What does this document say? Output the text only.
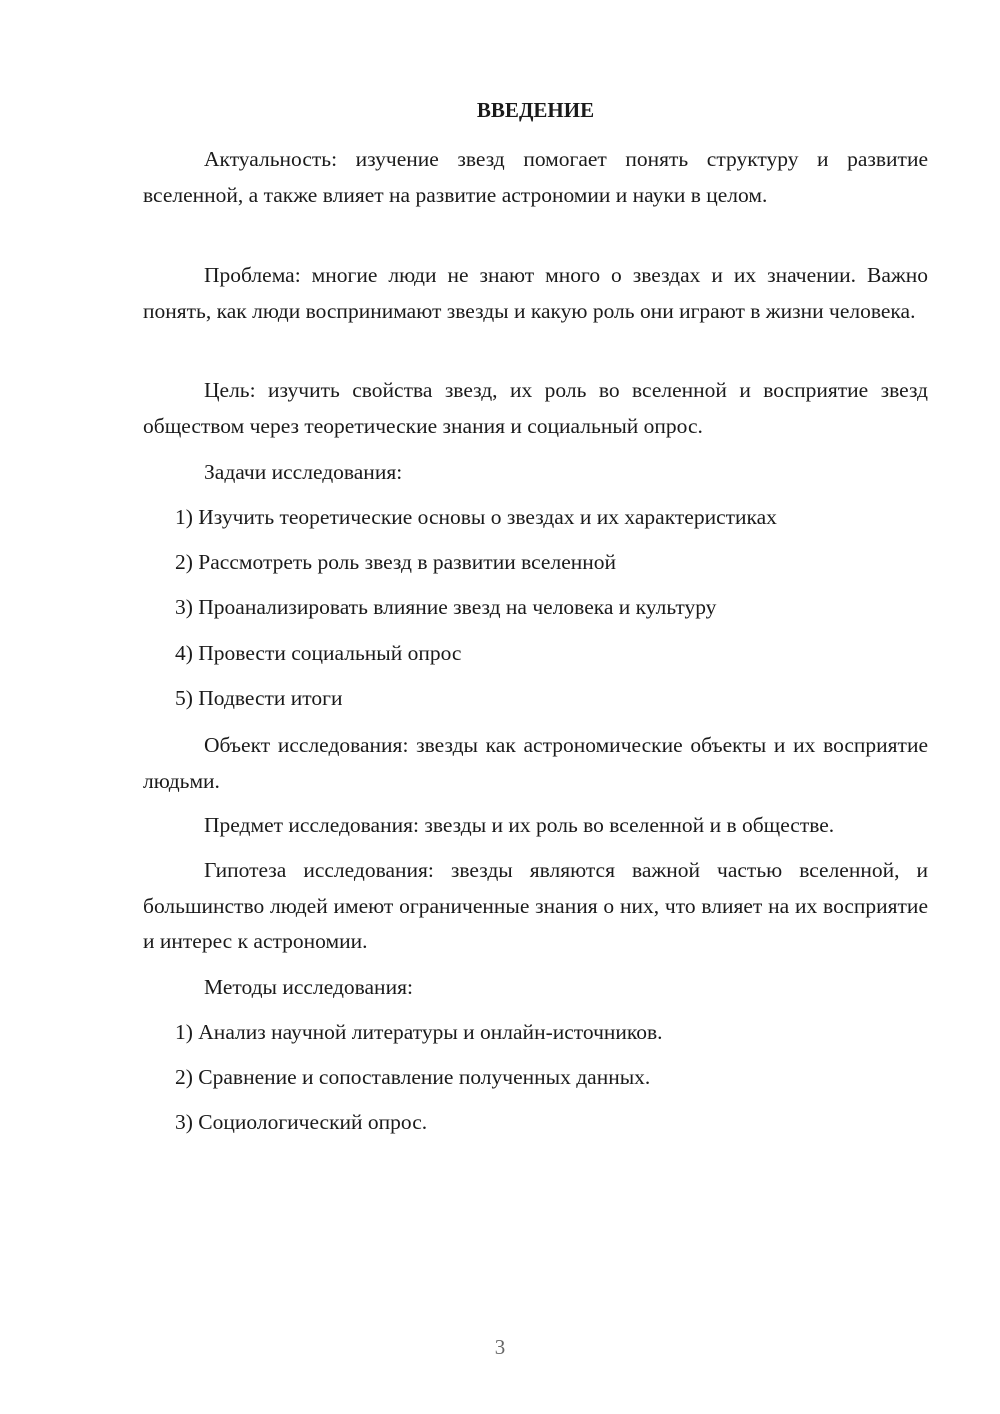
ВВЕДЕНИЕ

Актуальность: изучение звезд помогает понять структуру и развитие вселенной, а также влияет на развитие астрономии и науки в целом.

Проблема: многие люди не знают много о звездах и их значении. Важно понять, как люди воспринимают звезды и какую роль они играют в жизни человека.

Цель: изучить свойства звезд, их роль во вселенной и восприятие звезд обществом через теоретические знания и социальный опрос.

Задачи исследования:

1) Изучить теоретические основы о звездах и их характеристиках

2) Рассмотреть роль звезд в развитии вселенной

3) Проанализировать влияние звезд на человека и культуру

4) Провести социальный опрос

5) Подвести итоги

Объект исследования: звезды как астрономические объекты и их восприятие людьми.

Предмет исследования: звезды и их роль во вселенной и в обществе.

Гипотеза исследования: звезды являются важной частью вселенной, и большинство людей имеют ограниченные знания о них, что влияет на их восприятие и интерес к астрономии.

Методы исследования:

1) Анализ научной литературы и онлайн-источников.

2) Сравнение и сопоставление полученных данных.

3) Социологический опрос.

3
